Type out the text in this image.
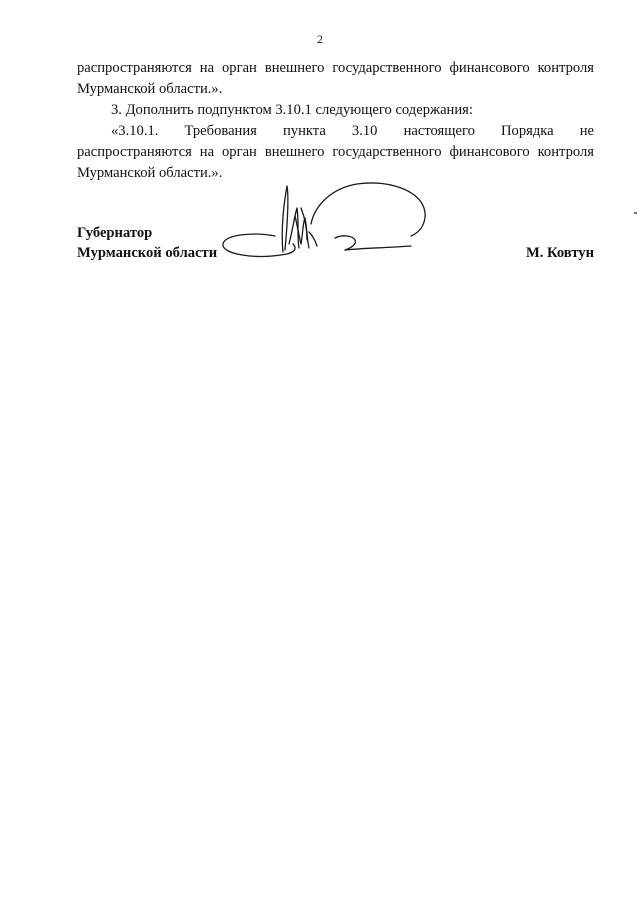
2

распространяются на орган внешнего государственного финансового контроля

Мурманской области.».

3. Дополнить подпунктом 3.10.1 следующего содержания:

«3.10.1. Требования пункта 3.10 настоящего Порядка не

распространяются на орган внешнего государственного финансового контроля

Мурманской области.».

Губернатор
Мурманской области	М. Ковтун
